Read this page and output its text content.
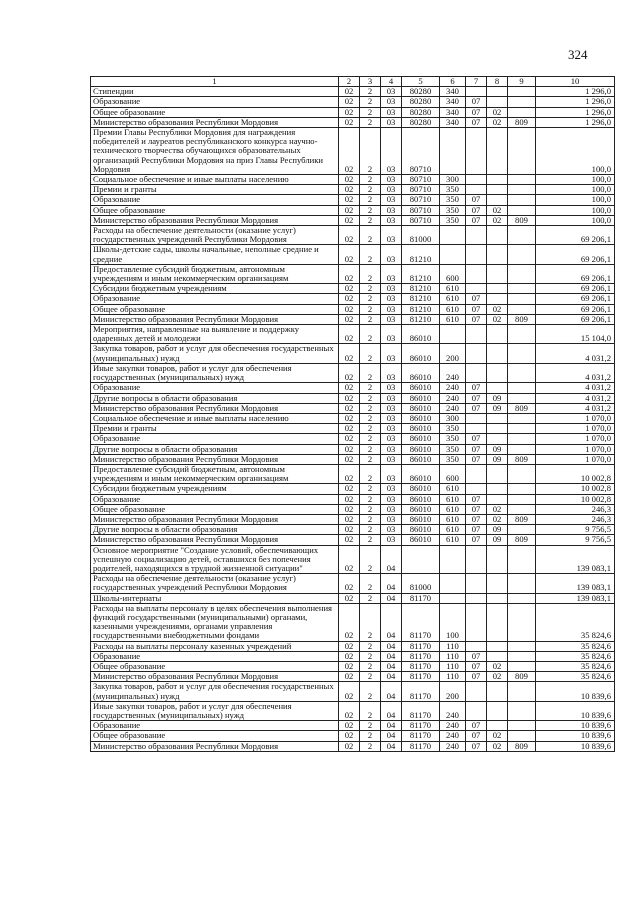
324
1	2	3	4	5	6	7	8	9	10
Стипендии	02	2	03	80280	340				1 296,0
Образование	02	2	03	80280	340	07			1 296,0
Общее образование	02	2	03	80280	340	07	02		1 296,0
Министерство образования Республики Мордовия	02	2	03	80280	340	07	02	809	1 296,0
Премии Главы Республики Мордовия для награждения победителей и лауреатов республиканского конкурса научно-технического творчества обучающихся образовательных организаций Республики Мордовия на приз Главы Республики Мордовия	02	2	03	80710					100,0
Социальное обеспечение и иные выплаты населению	02	2	03	80710	300				100,0
Премии и гранты	02	2	03	80710	350				100,0
Образование	02	2	03	80710	350	07			100,0
Общее образование	02	2	03	80710	350	07	02		100,0
Министерство образования Республики Мордовия	02	2	03	80710	350	07	02	809	100,0
Расходы на обеспечение деятельности (оказание услуг) государственных учреждений Республики Мордовия	02	2	03	81000					69 206,1
Школы-детские сады, школы начальные, неполные средние и средние	02	2	03	81210					69 206,1
Предоставление субсидий бюджетным, автономным учреждениям и иным некоммерческим организациям	02	2	03	81210	600				69 206,1
Субсидии бюджетным учреждениям	02	2	03	81210	610				69 206,1
Образование	02	2	03	81210	610	07			69 206,1
Общее образование	02	2	03	81210	610	07	02		69 206,1
Министерство образования Республики Мордовия	02	2	03	81210	610	07	02	809	69 206,1
Мероприятия, направленные на выявление и поддержку одаренных детей и молодежи	02	2	03	86010					15 104,0
Закупка товаров, работ и услуг для обеспечения государственных (муниципальных) нужд	02	2	03	86010	200				4 031,2
Иные закупки товаров, работ и услуг для обеспечения государственных (муниципальных) нужд	02	2	03	86010	240				4 031,2
Образование	02	2	03	86010	240	07			4 031,2
Другие вопросы в области образования	02	2	03	86010	240	07	09		4 031,2
Министерство образования Республики Мордовия	02	2	03	86010	240	07	09	809	4 031,2
Социальное обеспечение и иные выплаты населению	02	2	03	86010	300				1 070,0
Премии и гранты	02	2	03	86010	350				1 070,0
Образование	02	2	03	86010	350	07			1 070,0
Другие вопросы в области образования	02	2	03	86010	350	07	09		1 070,0
Министерство образования Республики Мордовия	02	2	03	86010	350	07	09	809	1 070,0
Предоставление субсидий бюджетным, автономным учреждениям и иным некоммерческим организациям	02	2	03	86010	600				10 002,8
Субсидии бюджетным учреждениям	02	2	03	86010	610				10 002,8
Образование	02	2	03	86010	610	07			10 002,8
Общее образование	02	2	03	86010	610	07	02		246,3
Министерство образования Республики Мордовия	02	2	03	86010	610	07	02	809	246,3
Другие вопросы в области образования	02	2	03	86010	610	07	09		9 756,5
Министерство образования Республики Мордовия	02	2	03	86010	610	07	09	809	9 756,5
Основное мероприятие "Создание условий, обеспечивающих успешную социализацию детей, оставшихся без попечения родителей, находящихся в трудной жизненной ситуации"	02	2	04						139 083,1
Расходы на обеспечение деятельности (оказание услуг) государственных учреждений Республики Мордовия	02	2	04	81000					139 083,1
Школы-интернаты	02	2	04	81170					139 083,1
Расходы на выплаты персоналу в целях обеспечения выполнения функций государственными (муниципальными) органами, казенными учреждениями, органами управления государственными внебюджетными фондами	02	2	04	81170	100				35 824,6
Расходы на выплаты персоналу казенных учреждений	02	2	04	81170	110				35 824,6
Образование	02	2	04	81170	110	07			35 824,6
Общее образование	02	2	04	81170	110	07	02		35 824,6
Министерство образования Республики Мордовия	02	2	04	81170	110	07	02	809	35 824,6
Закупка товаров, работ и услуг для обеспечения государственных (муниципальных) нужд	02	2	04	81170	200				10 839,6
Иные закупки товаров, работ и услуг для обеспечения государственных (муниципальных) нужд	02	2	04	81170	240				10 839,6
Образование	02	2	04	81170	240	07			10 839,6
Общее образование	02	2	04	81170	240	07	02		10 839,6
Министерство образования Республики Мордовия	02	2	04	81170	240	07	02	809	10 839,6
